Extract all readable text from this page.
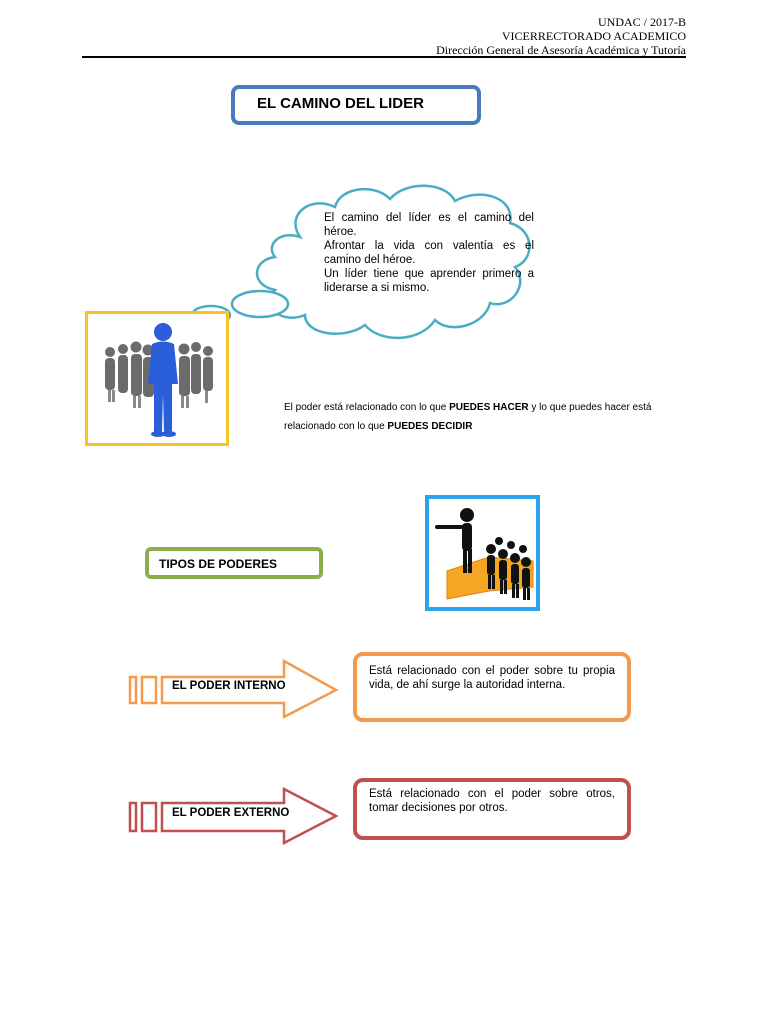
UNDAC / 2017-B
VICERRECTORADO ACADEMICO
Dirección General de Asesoría Académica y Tutoría
EL CAMINO DEL LIDER
El camino del líder es el camino del héroe.
Afrontar la vida con valentía es el camino del héroe.
Un líder tiene que aprender primero a liderarse a si mismo.
El poder está relacionado con lo que PUEDES HACER y lo que puedes hacer está relacionado con lo que PUEDES DECIDIR
TIPOS DE PODERES
EL PODER INTERNO
Está relacionado con el poder sobre tu propia vida, de ahí surge la autoridad interna.
EL PODER EXTERNO
Está relacionado con el poder sobre otros, tomar decisiones por otros.
